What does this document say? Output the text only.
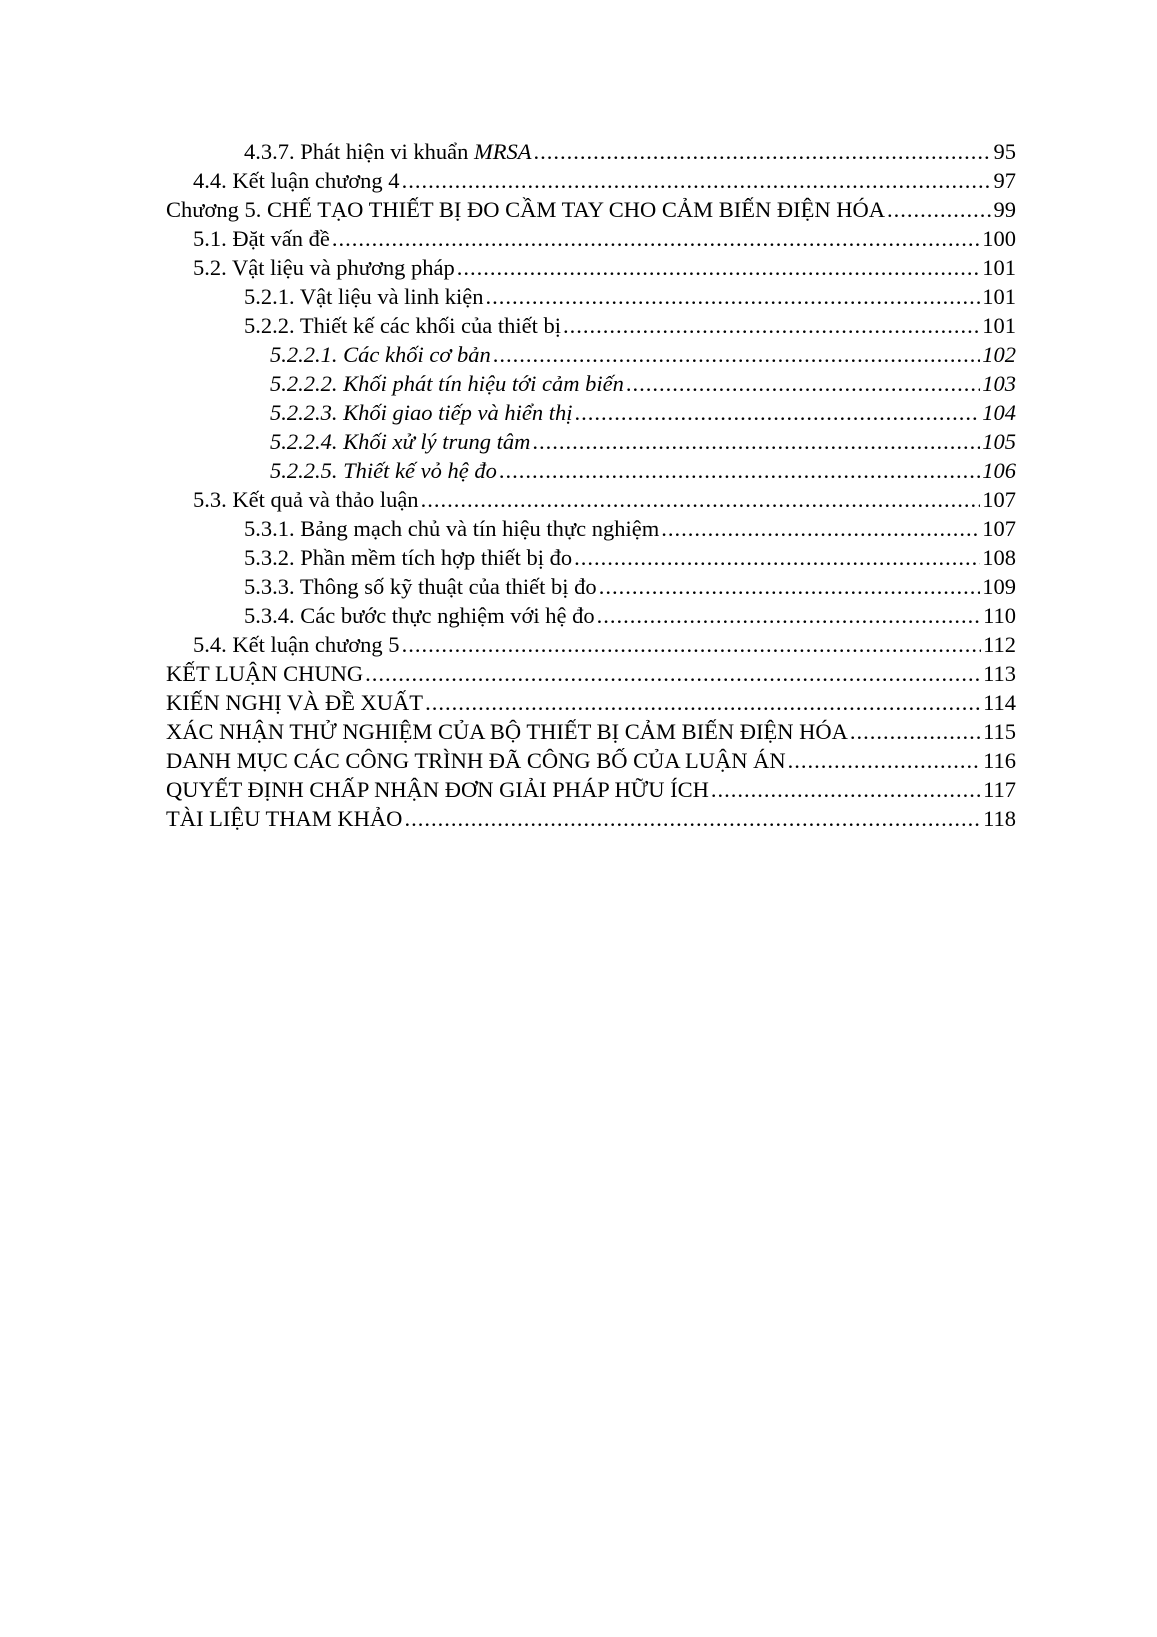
4.3.7. Phát hiện vi khuẩn MRSA .....	95
4.4. Kết luận chương 4 .....	97
Chương 5. CHẾ TẠO THIẾT BỊ ĐO CẦM TAY CHO CẢM BIẾN ĐIỆN HÓA .....	99
5.1. Đặt vấn đề .....	100
5.2. Vật liệu và phương pháp .....	101
5.2.1. Vật liệu và linh kiện .....	101
5.2.2. Thiết kế các khối của thiết bị .....	101
5.2.2.1. Các khối cơ bản .....	102
5.2.2.2. Khối phát tín hiệu tới cảm biến .....	103
5.2.2.3. Khối giao tiếp và hiển thị .....	104
5.2.2.4. Khối xử lý trung tâm .....	105
5.2.2.5. Thiết kế vỏ hệ đo .....	106
5.3. Kết quả và thảo luận .....	107
5.3.1. Bảng mạch chủ và tín hiệu thực nghiệm .....	107
5.3.2. Phần mềm tích hợp thiết bị đo .....	108
5.3.3. Thông số kỹ thuật của thiết bị đo .....	109
5.3.4. Các bước thực nghiệm với hệ đo .....	110
5.4. Kết luận chương 5 .....	112
KẾT LUẬN CHUNG .....	113
KIẾN NGHỊ VÀ ĐỀ XUẤT .....	114
XÁC NHẬN THỬ NGHIỆM CỦA BỘ THIẾT BỊ CẢM BIẾN ĐIỆN HÓA .....	115
DANH MỤC CÁC CÔNG TRÌNH ĐÃ CÔNG BỐ CỦA LUẬN ÁN .....	116
QUYẾT ĐỊNH CHẤP NHẬN ĐƠN GIẢI PHÁP HỮU ÍCH .....	117
TÀI LIỆU THAM KHẢO .....	118
